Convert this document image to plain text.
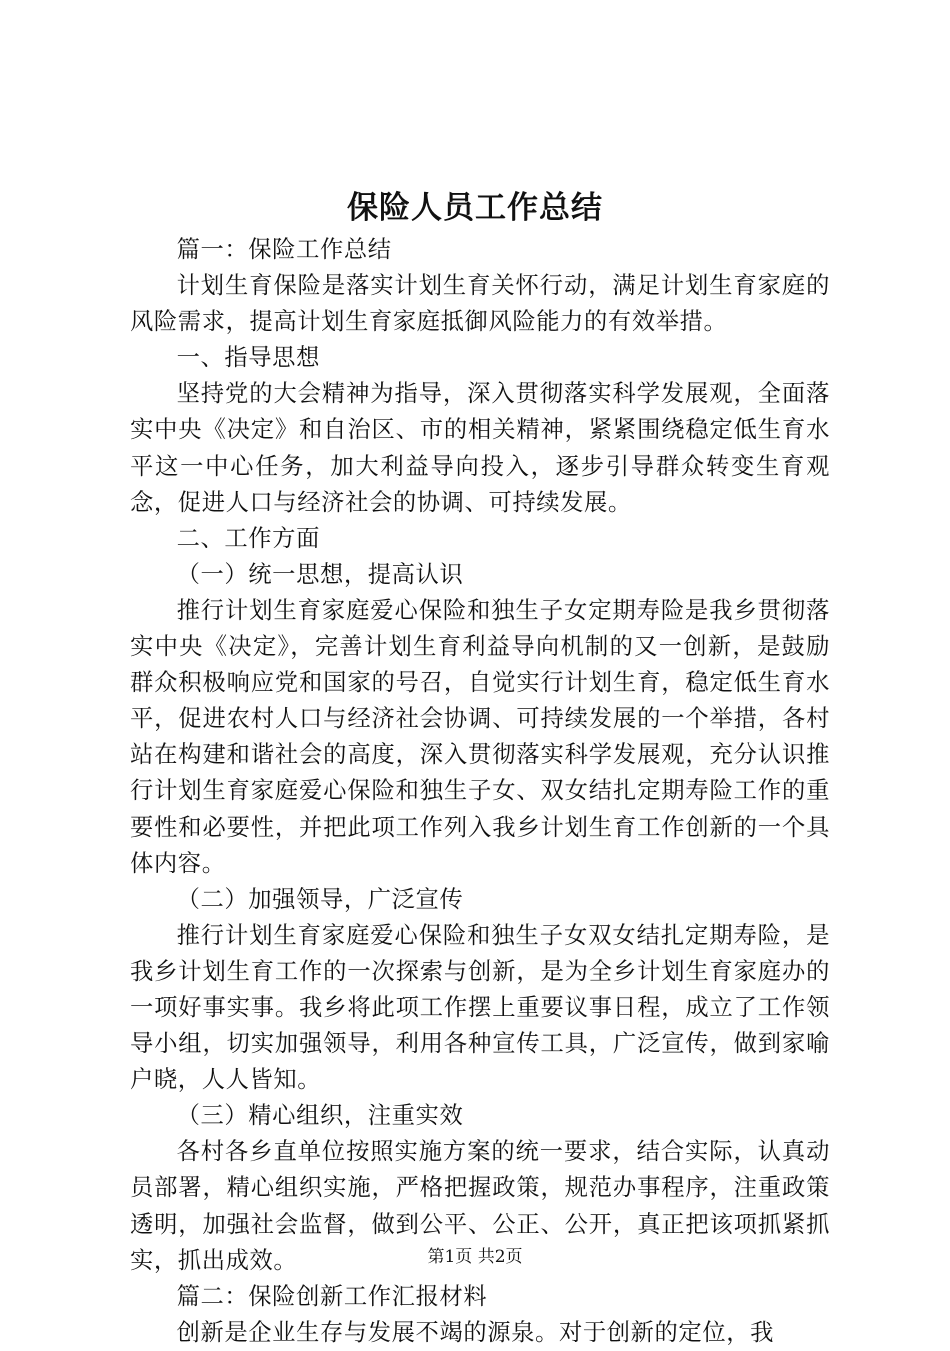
保险人员工作总结

篇一：保险工作总结

计划生育保险是落实计划生育关怀行动，满足计划生育家庭的风险需求，提高计划生育家庭抵御风险能力的有效举措。

一、指导思想

坚持党的大会精神为指导，深入贯彻落实科学发展观，全面落实中央《决定》和自治区、市的相关精神，紧紧围绕稳定低生育水平这一中心任务，加大利益导向投入，逐步引导群众转变生育观念，促进人口与经济社会的协调、可持续发展。

二、工作方面

（一）统一思想，提高认识

推行计划生育家庭爱心保险和独生子女定期寿险是我乡贯彻落实中央《决定》，完善计划生育利益导向机制的又一创新，是鼓励群众积极响应党和国家的号召，自觉实行计划生育，稳定低生育水平，促进农村人口与经济社会协调、可持续发展的一个举措，各村站在构建和谐社会的高度，深入贯彻落实科学发展观，充分认识推行计划生育家庭爱心保险和独生子女、双女结扎定期寿险工作的重要性和必要性，并把此项工作列入我乡计划生育工作创新的一个具体内容。

（二）加强领导，广泛宣传

推行计划生育家庭爱心保险和独生子女双女结扎定期寿险，是我乡计划生育工作的一次探索与创新，是为全乡计划生育家庭办的一项好事实事。我乡将此项工作摆上重要议事日程，成立了工作领导小组，切实加强领导，利用各种宣传工具，广泛宣传，做到家喻户晓，人人皆知。

（三）精心组织，注重实效

各村各乡直单位按照实施方案的统一要求，结合实际，认真动员部署，精心组织实施，严格把握政策，规范办事程序，注重政策透明，加强社会监督，做到公平、公正、公开，真正把该项抓紧抓实，抓出成效。

篇二：保险创新工作汇报材料

创新是企业生存与发展不竭的源泉。对于创新的定位，我

第1页 共2页
